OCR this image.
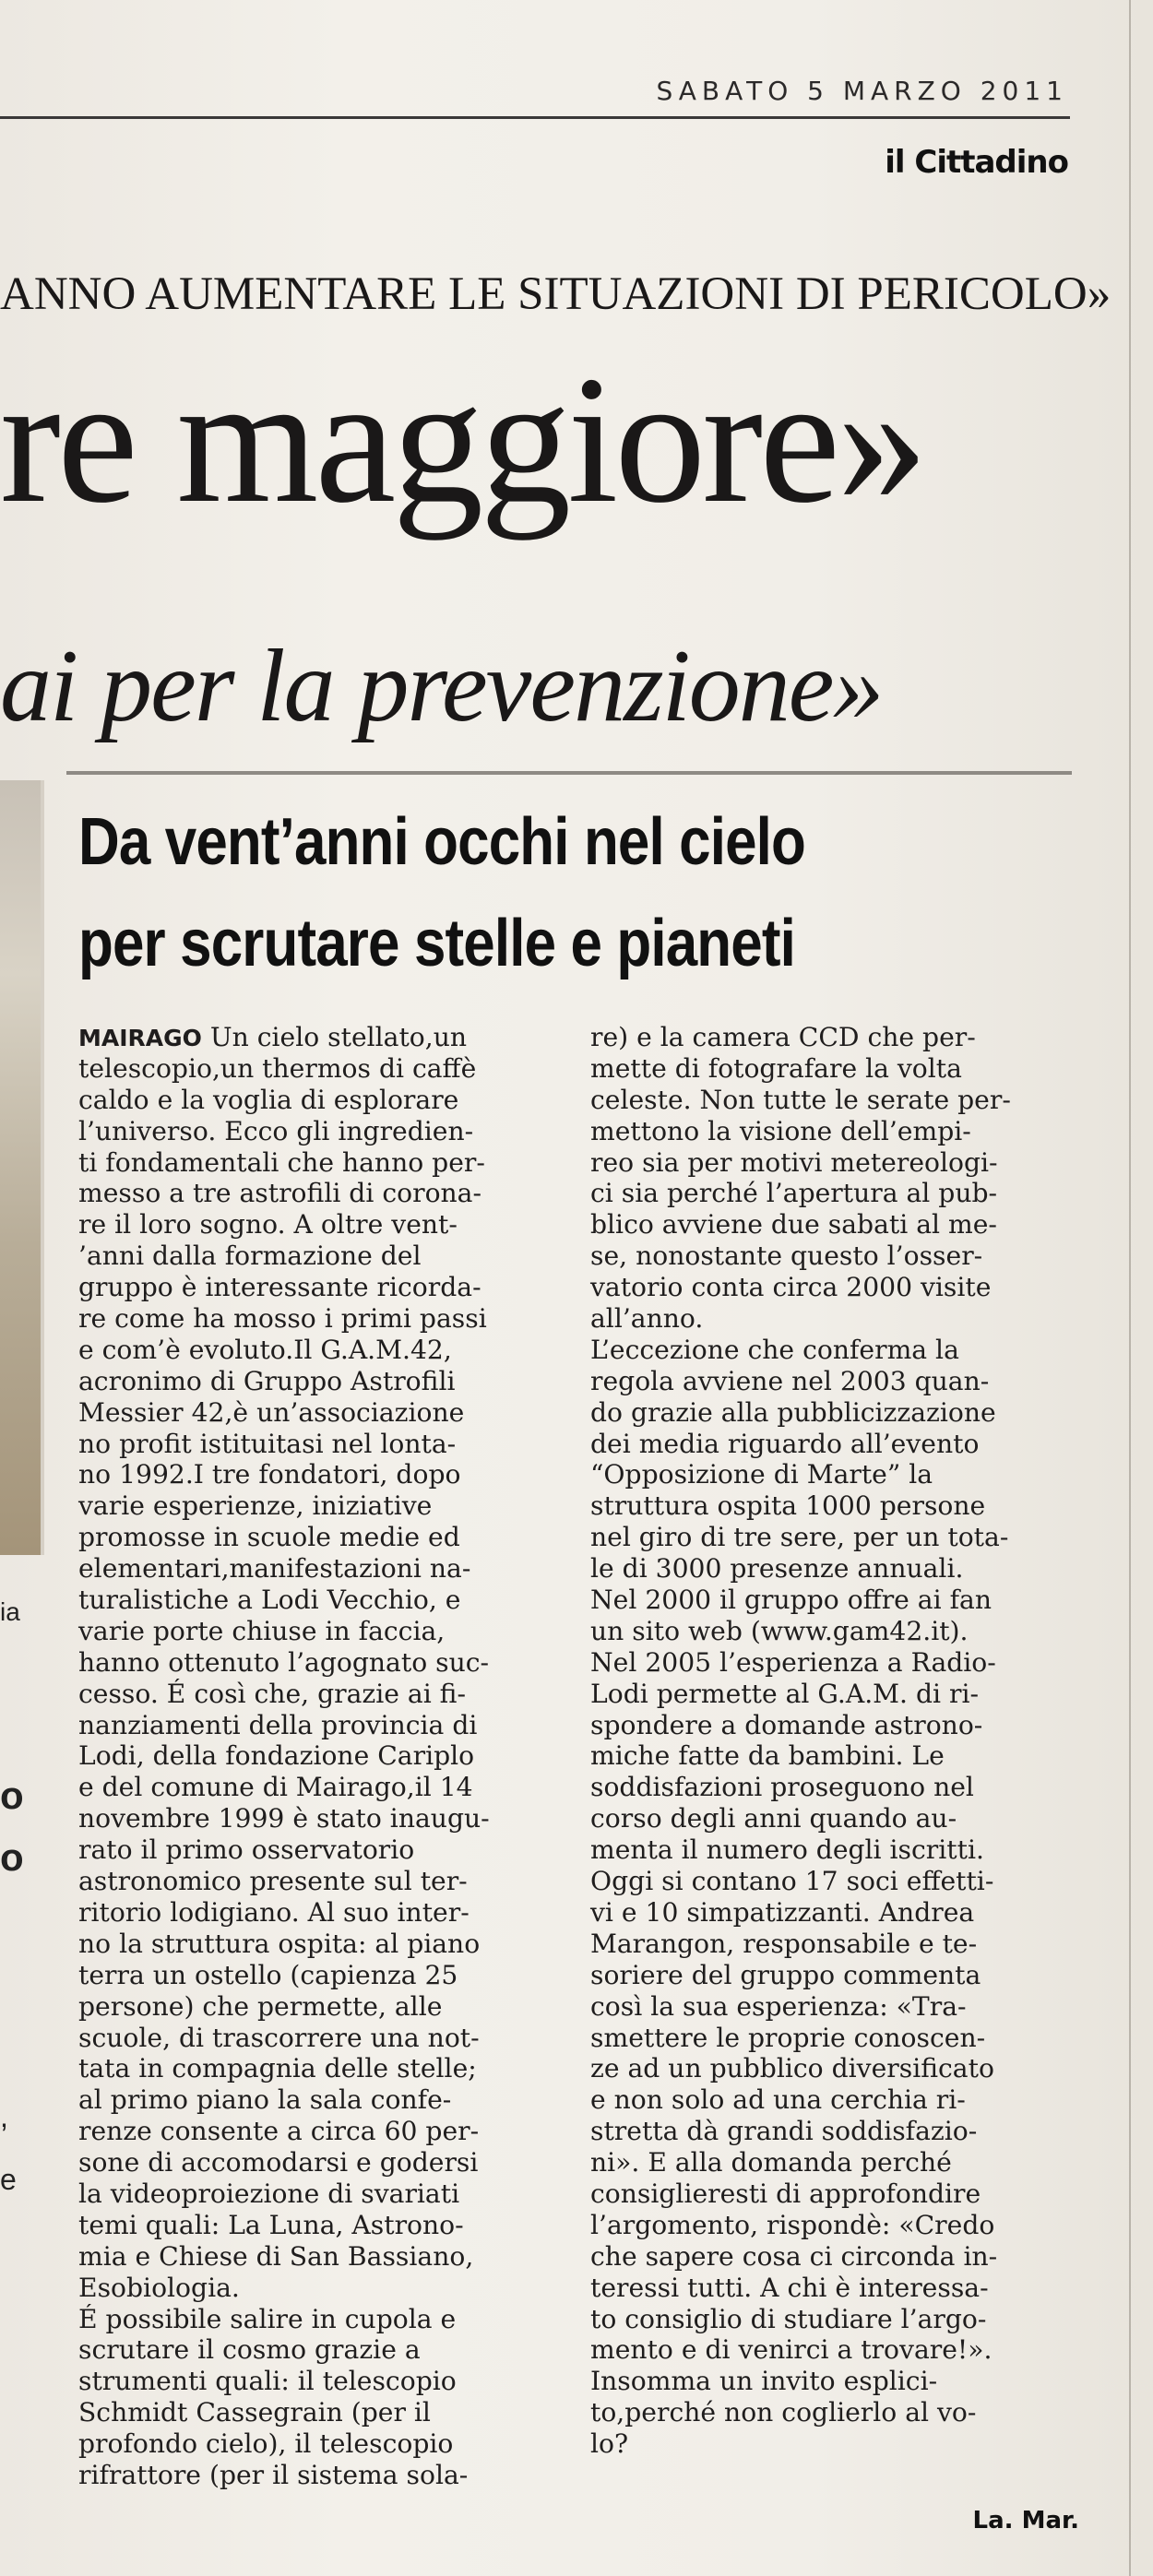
SABATO 5 MARZO 2011
il Cittadino
ANNO AUMENTARE LE SITUAZIONI DI PERICOLO»
re maggiore»
ai per la prevenzione»
ia
o
o
,
e
Da vent’anni occhi nel cielo
per scrutare stelle e pianeti
MAIRAGO Un cielo stellato,un
telescopio,un thermos di caffè
caldo e la voglia di esplorare
l’universo. Ecco gli ingredien-
ti fondamentali che hanno per-
messo a tre astrofili di corona-
re il loro sogno. A oltre vent-
’anni dalla formazione del
gruppo è interessante ricorda-
re come ha mosso i primi passi
e com’è evoluto.Il G.A.M.42,
acronimo di Gruppo Astrofili
Messier 42,è un’associazione
no profit istituitasi nel lonta-
no 1992.I tre fondatori, dopo
varie esperienze, iniziative
promosse in scuole medie ed
elementari,manifestazioni na-
turalistiche a Lodi Vecchio, e
varie porte chiuse in faccia,
hanno ottenuto l’agognato suc-
cesso. É così che, grazie ai fi-
nanziamenti della provincia di
Lodi, della fondazione Cariplo
e del comune di Mairago,il 14
novembre 1999 è stato inaugu-
rato il primo osservatorio
astronomico presente sul ter-
ritorio lodigiano. Al suo inter-
no la struttura ospita: al piano
terra un ostello (capienza 25
persone) che permette, alle
scuole, di trascorrere una not-
tata in compagnia delle stelle;
al primo piano la sala confe-
renze consente a circa 60 per-
sone di accomodarsi e godersi
la videoproiezione di svariati
temi quali: La Luna, Astrono-
mia e Chiese di San Bassiano,
Esobiologia.
É possibile salire in cupola e
scrutare il cosmo grazie a
strumenti quali: il telescopio
Schmidt Cassegrain (per il
profondo cielo), il telescopio
rifrattore (per il sistema sola-
re) e la camera CCD che per-
mette di fotografare la volta
celeste. Non tutte le serate per-
mettono la visione dell’empi-
reo sia per motivi metereologi-
ci sia perché l’apertura al pub-
blico avviene due sabati al me-
se, nonostante questo l’osser-
vatorio conta circa 2000 visite
all’anno.
L’eccezione che conferma la
regola avviene nel 2003 quan-
do grazie alla pubblicizzazione
dei media riguardo all’evento
“Opposizione di Marte” la
struttura ospita 1000 persone
nel giro di tre sere, per un tota-
le di 3000 presenze annuali.
Nel 2000 il gruppo offre ai fan
un sito web (www.gam42.it).
Nel 2005 l’esperienza a Radio-
Lodi permette al G.A.M. di ri-
spondere a domande astrono-
miche fatte da bambini. Le
soddisfazioni proseguono nel
corso degli anni quando au-
menta il numero degli iscritti.
Oggi si contano 17 soci effetti-
vi e 10 simpatizzanti. Andrea
Marangon, responsabile e te-
soriere del gruppo commenta
così la sua esperienza: «Tra-
smettere le proprie conoscen-
ze ad un pubblico diversificato
e non solo ad una cerchia ri-
stretta dà grandi soddisfazio-
ni». E alla domanda perché
consiglieresti di approfondire
l’argomento, rispondè: «Credo
che sapere cosa ci circonda in-
teressi tutti. A chi è interessa-
to consiglio di studiare l’argo-
mento e di venirci a trovare!».
Insomma un invito esplici-
to,perché non coglierlo al vo-
lo?
La. Mar.
